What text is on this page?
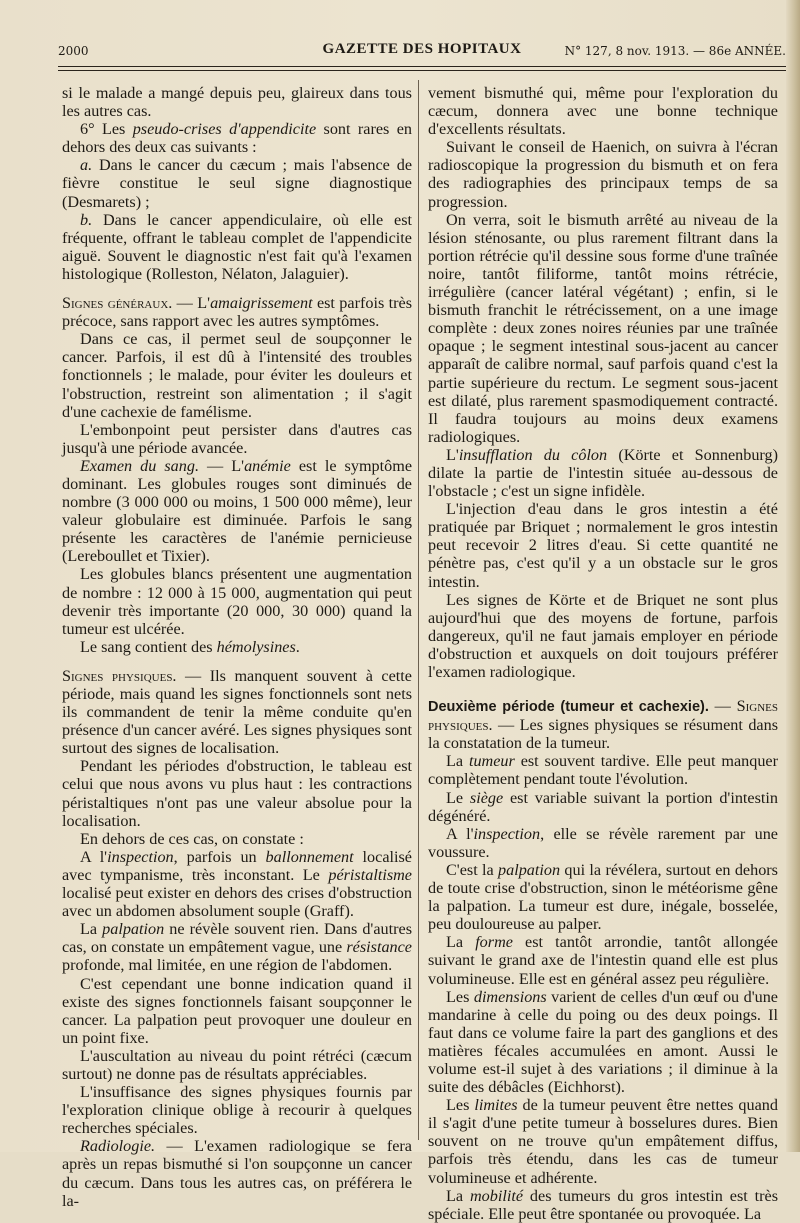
2000	GAZETTE DES HOPITAUX	N° 127, 8 nov. 1913. — 86e ANNÉE.

si le malade a mangé depuis peu, glaireux dans tous les autres cas.

6° Les pseudo-crises d'appendicite sont rares en dehors des deux cas suivants :

a. Dans le cancer du cæcum ; mais l'absence de fièvre constitue le seul signe diagnostique (Desmarets) ;

b. Dans le cancer appendiculaire, où elle est fréquente, offrant le tableau complet de l'appendicite aiguë. Souvent le diagnostic n'est fait qu'à l'examen histologique (Rolleston, Nélaton, Jalaguier).

Signes généraux. — L'amaigrissement est parfois très précoce, sans rapport avec les autres symptômes.

Dans ce cas, il permet seul de soupçonner le cancer. Parfois, il est dû à l'intensité des troubles fonctionnels ; le malade, pour éviter les douleurs et l'obstruction, restreint son alimentation ; il s'agit d'une cachexie de famélisme.

L'embonpoint peut persister dans d'autres cas jusqu'à une période avancée.

Examen du sang. — L'anémie est le symptôme dominant. Les globules rouges sont diminués de nombre (3 000 000 ou moins, 1 500 000 même), leur valeur globulaire est diminuée. Parfois le sang présente les caractères de l'anémie pernicieuse (Lereboullet et Tixier).

Les globules blancs présentent une augmentation de nombre : 12 000 à 15 000, augmentation qui peut devenir très importante (20 000, 30 000) quand la tumeur est ulcérée.

Le sang contient des hémolysines.

Signes physiques. — Ils manquent souvent à cette période, mais quand les signes fonctionnels sont nets ils commandent de tenir la même conduite qu'en présence d'un cancer avéré. Les signes physiques sont surtout des signes de localisation.

Pendant les périodes d'obstruction, le tableau est celui que nous avons vu plus haut : les contractions péristaltiques n'ont pas une valeur absolue pour la localisation.

En dehors de ces cas, on constate :

A l'inspection, parfois un ballonnement localisé avec tympanisme, très inconstant. Le péristaltisme localisé peut exister en dehors des crises d'obstruction avec un abdomen absolument souple (Graff).

La palpation ne révèle souvent rien. Dans d'autres cas, on constate un empâtement vague, une résistance profonde, mal limitée, en une région de l'abdomen.

C'est cependant une bonne indication quand il existe des signes fonctionnels faisant soupçonner le cancer. La palpation peut provoquer une douleur en un point fixe.

L'auscultation au niveau du point rétréci (cæcum surtout) ne donne pas de résultats appréciables.

L'insuffisance des signes physiques fournis par l'exploration clinique oblige à recourir à quelques recherches spéciales.

Radiologie. — L'examen radiologique se fera après un repas bismuthé si l'on soupçonne un cancer du cæcum. Dans tous les autres cas, on préférera le la-

vement bismuthé qui, même pour l'exploration du cæcum, donnera avec une bonne technique d'excellents résultats.

Suivant le conseil de Haenich, on suivra à l'écran radioscopique la progression du bismuth et on fera des radiographies des principaux temps de sa progression.

On verra, soit le bismuth arrêté au niveau de la lésion sténosante, ou plus rarement filtrant dans la portion rétrécie qu'il dessine sous forme d'une traînée noire, tantôt filiforme, tantôt moins rétrécie, irrégulière (cancer latéral végétant) ; enfin, si le bismuth franchit le rétrécissement, on a une image complète : deux zones noires réunies par une traînée opaque ; le segment intestinal sous-jacent au cancer apparaît de calibre normal, sauf parfois quand c'est la partie supérieure du rectum. Le segment sous-jacent est dilaté, plus rarement spasmodiquement contracté. Il faudra toujours au moins deux examens radiologiques.

L'insufflation du côlon (Körte et Sonnenburg) dilate la partie de l'intestin située au-dessous de l'obstacle ; c'est un signe infidèle.

L'injection d'eau dans le gros intestin a été pratiquée par Briquet ; normalement le gros intestin peut recevoir 2 litres d'eau. Si cette quantité ne pénètre pas, c'est qu'il y a un obstacle sur le gros intestin.

Les signes de Körte et de Briquet ne sont plus aujourd'hui que des moyens de fortune, parfois dangereux, qu'il ne faut jamais employer en période d'obstruction et auxquels on doit toujours préférer l'examen radiologique.

Deuxième période (tumeur et cachexie). — Signes physiques. — Les signes physiques se résument dans la constatation de la tumeur.

La tumeur est souvent tardive. Elle peut manquer complètement pendant toute l'évolution.

Le siège est variable suivant la portion d'intestin dégénéré.

A l'inspection, elle se révèle rarement par une voussure.

C'est la palpation qui la révélera, surtout en dehors de toute crise d'obstruction, sinon le météorisme gêne la palpation. La tumeur est dure, inégale, bosselée, peu douloureuse au palper.

La forme est tantôt arrondie, tantôt allongée suivant le grand axe de l'intestin quand elle est plus volumineuse. Elle est en général assez peu régulière.

Les dimensions varient de celles d'un œuf ou d'une mandarine à celle du poing ou des deux poings. Il faut dans ce volume faire la part des ganglions et des matières fécales accumulées en amont. Aussi le volume est-il sujet à des variations ; il diminue à la suite des débâcles (Eichhorst).

Les limites de la tumeur peuvent être nettes quand il s'agit d'une petite tumeur à bosselures dures. Bien souvent on ne trouve qu'un empâtement diffus, parfois très étendu, dans les cas de tumeur volumineuse et adhérente.

La mobilité des tumeurs du gros intestin est très spéciale. Elle peut être spontanée ou provoquée. La
